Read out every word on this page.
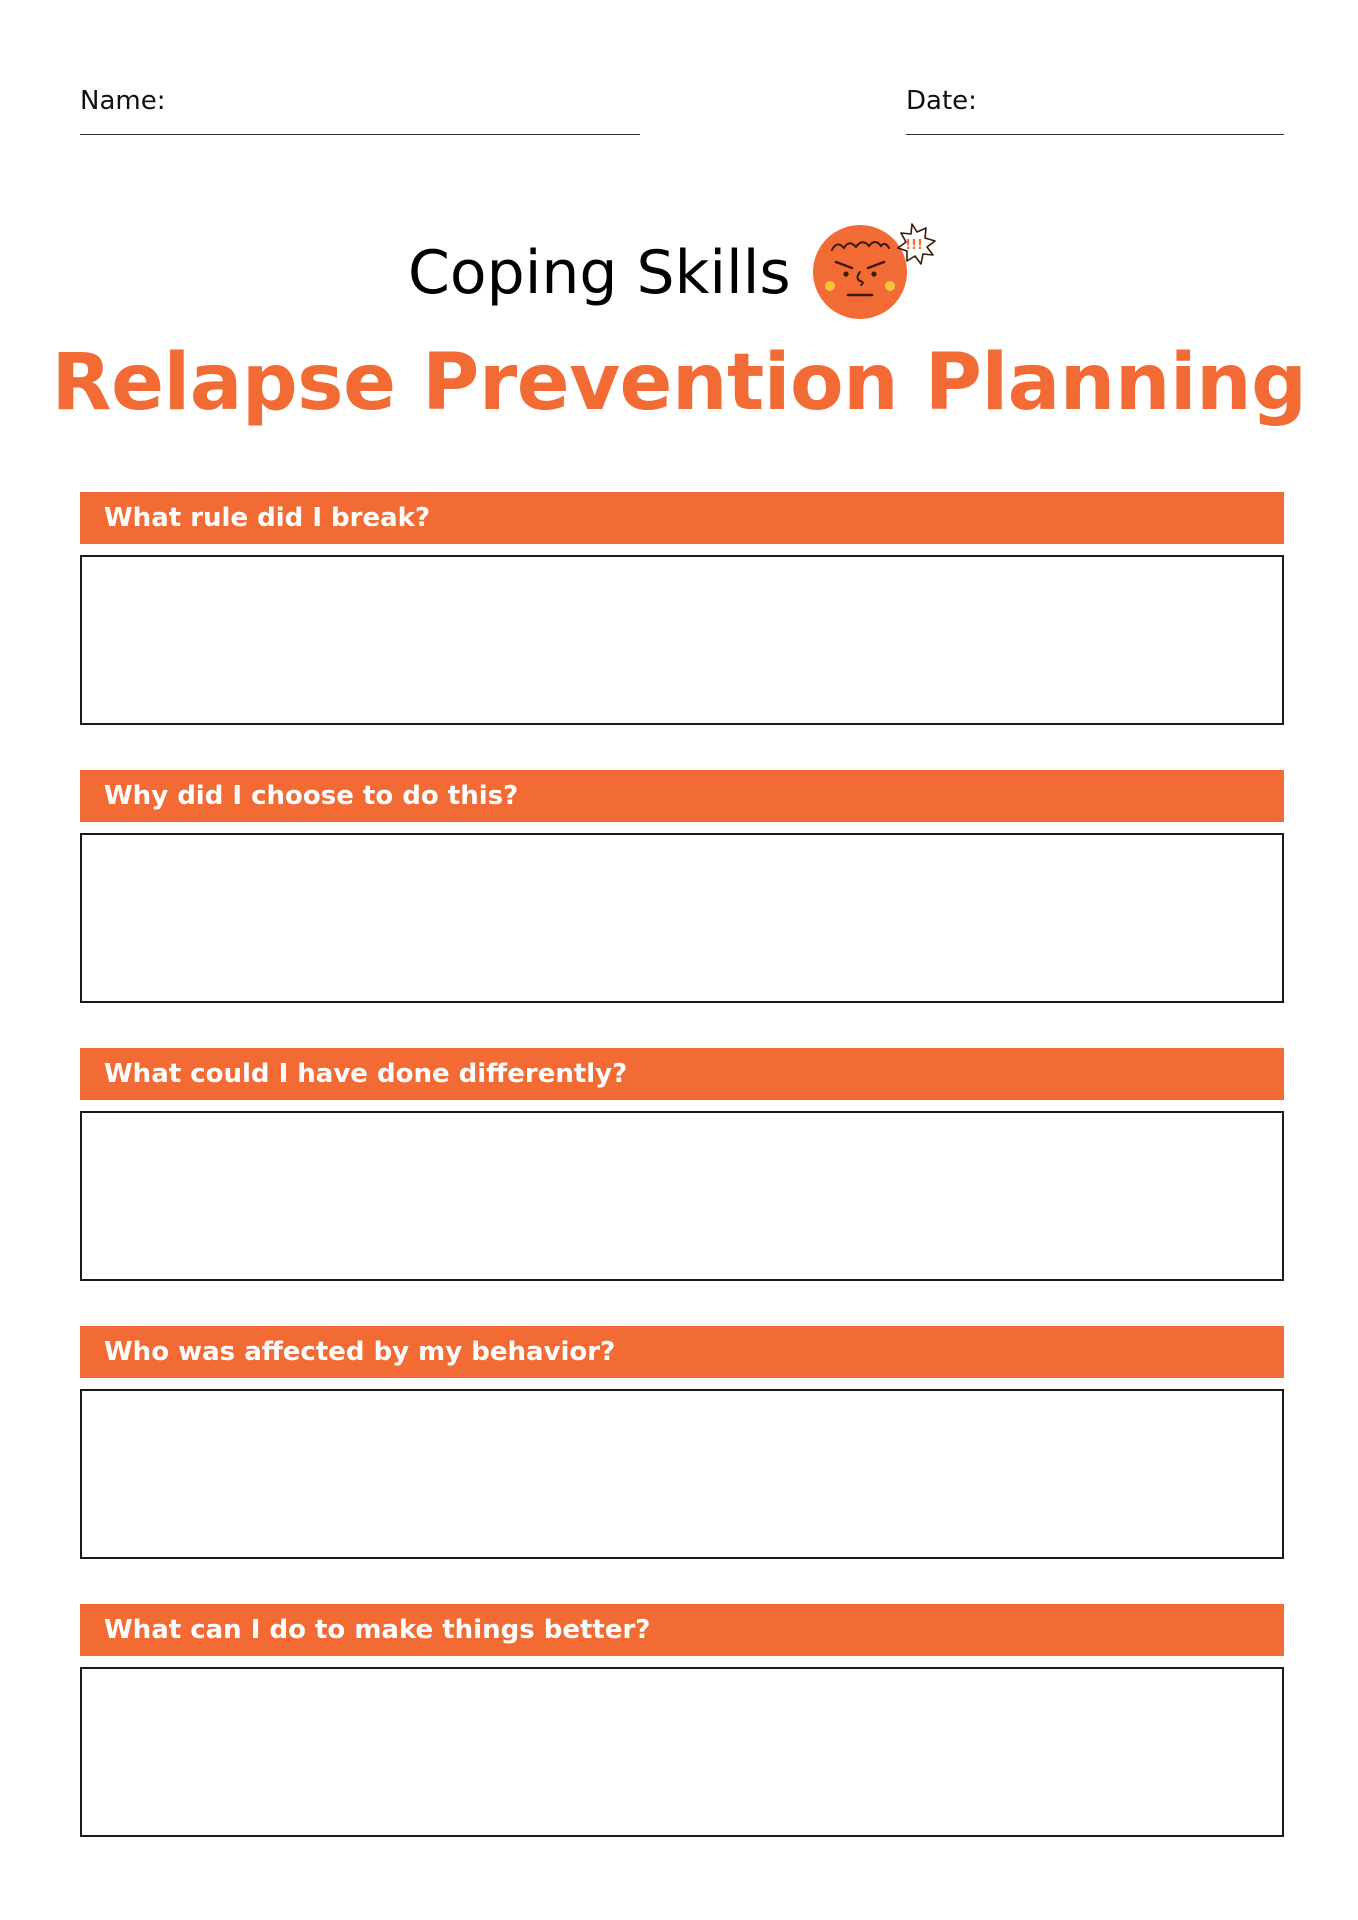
Name:	Date:
Coping Skills	!!!
Relapse Prevention Planning
What rule did I break?
Why did I choose to do this?
What could I have done differently?
Who was affected by my behavior?
What can I do to make things better?
